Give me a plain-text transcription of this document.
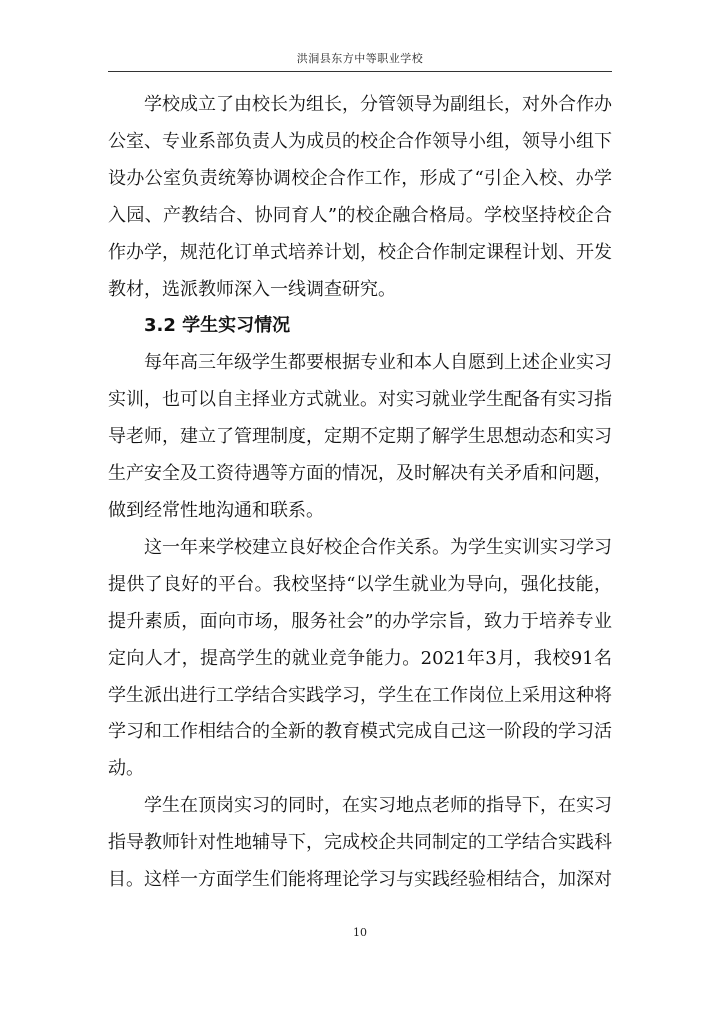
洪洞县东方中等职业学校

学校成立了由校长为组长，分管领导为副组长，对外合作办公室、专业系部负责人为成员的校企合作领导小组，领导小组下设办公室负责统筹协调校企合作工作，形成了“引企入校、办学入园、产教结合、协同育人”的校企融合格局。学校坚持校企合作办学，规范化订单式培养计划，校企合作制定课程计划、开发教材，选派教师深入一线调查研究。

3.2 学生实习情况

每年高三年级学生都要根据专业和本人自愿到上述企业实习实训，也可以自主择业方式就业。对实习就业学生配备有实习指导老师，建立了管理制度，定期不定期了解学生思想动态和实习生产安全及工资待遇等方面的情况，及时解决有关矛盾和问题，做到经常性地沟通和联系。

这一年来学校建立良好校企合作关系。为学生实训实习学习提供了良好的平台。我校坚持“以学生就业为导向，强化技能，提升素质，面向市场，服务社会”的办学宗旨，致力于培养专业定向人才，提高学生的就业竞争能力。2021年3月，我校91名学生派出进行工学结合实践学习，学生在工作岗位上采用这种将学习和工作相结合的全新的教育模式完成自己这一阶段的学习活动。

学生在顶岗实习的同时，在实习地点老师的指导下，在实习指导教师针对性地辅导下，完成校企共同制定的工学结合实践科目。这样一方面学生们能将理论学习与实践经验相结合，加深对

10
